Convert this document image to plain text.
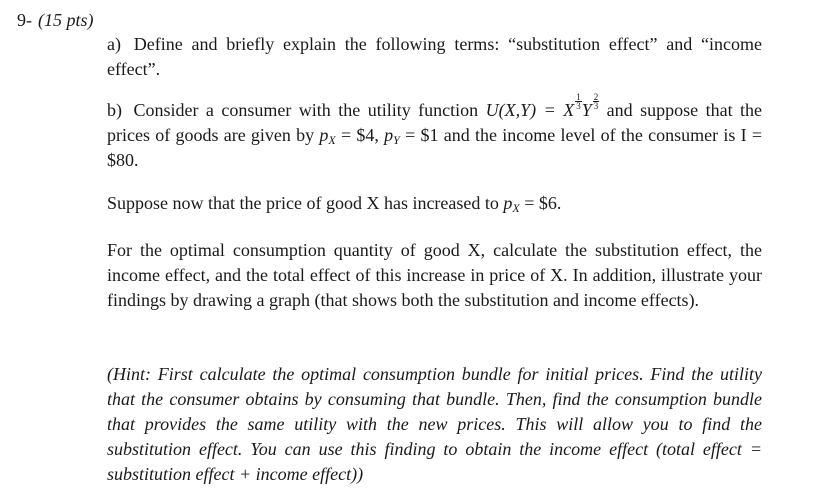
9- (15 pts)
a) Define and briefly explain the following terms: “substitution effect” and “income effect”.
b) Consider a consumer with the utility function U(X,Y) = X $\frac{1}{3}$ Y $\frac{2}{3}$ and suppose that the prices of goods are given by $p_X$ = $4, $p_Y$ = $1 and the income level of the consumer is I = $80.
Suppose now that the price of good X has increased to $p_X$ = $6.
For the optimal consumption quantity of good X, calculate the substitution effect, the income effect, and the total effect of this increase in price of X. In addition, illustrate your findings by drawing a graph (that shows both the substitution and income effects).
(Hint: First calculate the optimal consumption bundle for initial prices. Find the utility that the consumer obtains by consuming that bundle. Then, find the consumption bundle that provides the same utility with the new prices. This will allow you to find the substitution effect. You can use this finding to obtain the income effect (total effect = substitution effect + income effect))
